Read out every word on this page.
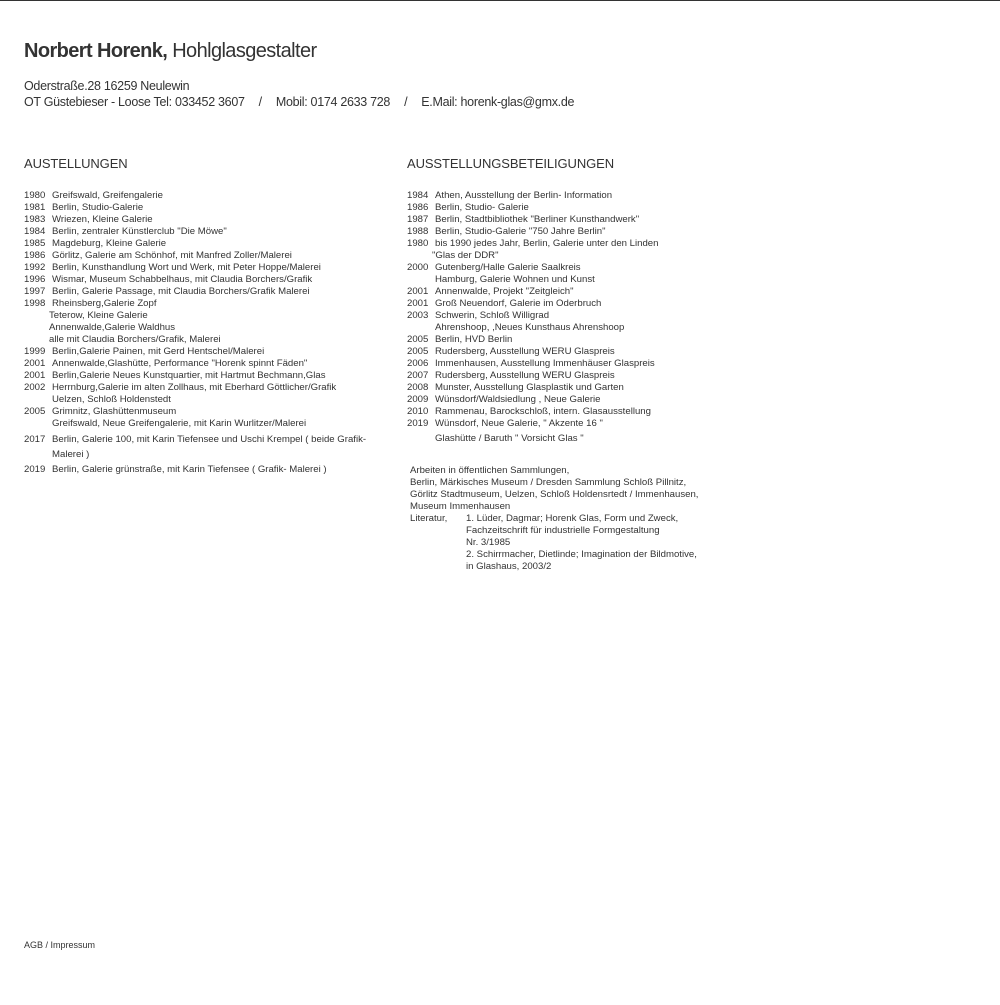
Norbert Horenk, Hohlglasgestalter
Oderstraße.28 16259 Neulewin
OT Güstebieser - Loose Tel: 033452 3607 / Mobil: 0174 2633 728 / E.Mail: horenk-glas@gmx.de
AUSTELLUNGEN
1980 Greifswald, Greifengalerie
1981 Berlin, Studio-Galerie
1983 Wriezen, Kleine Galerie
1984 Berlin, zentraler Künstlerclub "Die Möwe"
1985 Magdeburg, Kleine Galerie
1986 Görlitz, Galerie am Schönhof, mit Manfred Zoller/Malerei
1992 Berlin, Kunsthandlung Wort und Werk, mit Peter Hoppe/Malerei
1996 Wismar, Museum Schabbelhaus, mit Claudia Borchers/Grafik
1997 Berlin, Galerie Passage, mit Claudia Borchers/Grafik Malerei
1998 Rheinsberg,Galerie Zopf
Teterow, Kleine Galerie
Annenwalde,Galerie Waldhus
alle mit Claudia Borchers/Grafik, Malerei
1999 Berlin,Galerie Painen, mit Gerd Hentschel/Malerei
2001 Annenwalde,Glashütte, Performance "Horenk spinnt Fäden"
2001 Berlin,Galerie Neues Kunstquartier, mit Hartmut Bechmann,Glas
2002 Herrnburg,Galerie im alten Zollhaus, mit Eberhard Göttlicher/Grafik
Uelzen, Schloß Holdenstedt
2005 Grimnitz, Glashüttenmuseum
Greifswald, Neue Greifengalerie, mit Karin Wurlitzer/Malerei
2017 Berlin, Galerie 100, mit Karin Tiefensee und Uschi Krempel ( beide Grafik-
Malerei )
2019 Berlin, Galerie grünstraße, mit Karin Tiefensee ( Grafik- Malerei )
AUSSTELLUNGSBETEILIGUNGEN
1984 Athen, Ausstellung der Berlin- Information
1986 Berlin, Studio- Galerie
1987 Berlin, Stadtbibliothek "Berliner Kunsthandwerk"
1988 Berlin, Studio-Galerie "750 Jahre Berlin"
1980 bis 1990 jedes Jahr, Berlin, Galerie unter den Linden
"Glas der DDR"
2000 Gutenberg/Halle Galerie Saalkreis
Hamburg, Galerie Wohnen und Kunst
2001 Annenwalde, Projekt "Zeitgleich"
2001 Groß Neuendorf, Galerie im Oderbruch
2003 Schwerin, Schloß Willigrad
Ahrenshoop, ,Neues Kunsthaus Ahrenshoop
2005 Berlin, HVD Berlin
2005 Rudersberg, Ausstellung WERU Glaspreis
2006 Immenhausen, Ausstellung Immenhäuser Glaspreis
2007 Rudersberg, Ausstellung WERU Glaspreis
2008 Munster, Ausstellung Glasplastik und Garten
2009 Wünsdorf/Waldsiedlung , Neue Galerie
2010 Rammenau, Barockschloß, intern. Glasausstellung
2019 Wünsdorf, Neue Galerie, " Akzente 16 "
Glashütte / Baruth " Vorsicht Glas "
Arbeiten in öffentlichen Sammlungen,
Berlin, Märkisches Museum / Dresden Sammlung Schloß Pillnitz,
Görlitz Stadtmuseum, Uelzen, Schloß Holdensrtedt / Immenhausen,
Museum Immenhausen
Literatur,	1. Lüder, Dagmar; Horenk Glas, Form und Zweck,
Fachzeitschrift für industrielle Formgestaltung
Nr. 3/1985
2. Schirrmacher, Dietlinde; Imagination der Bildmotive,
in Glashaus, 2003/2
AGB / Impressum
